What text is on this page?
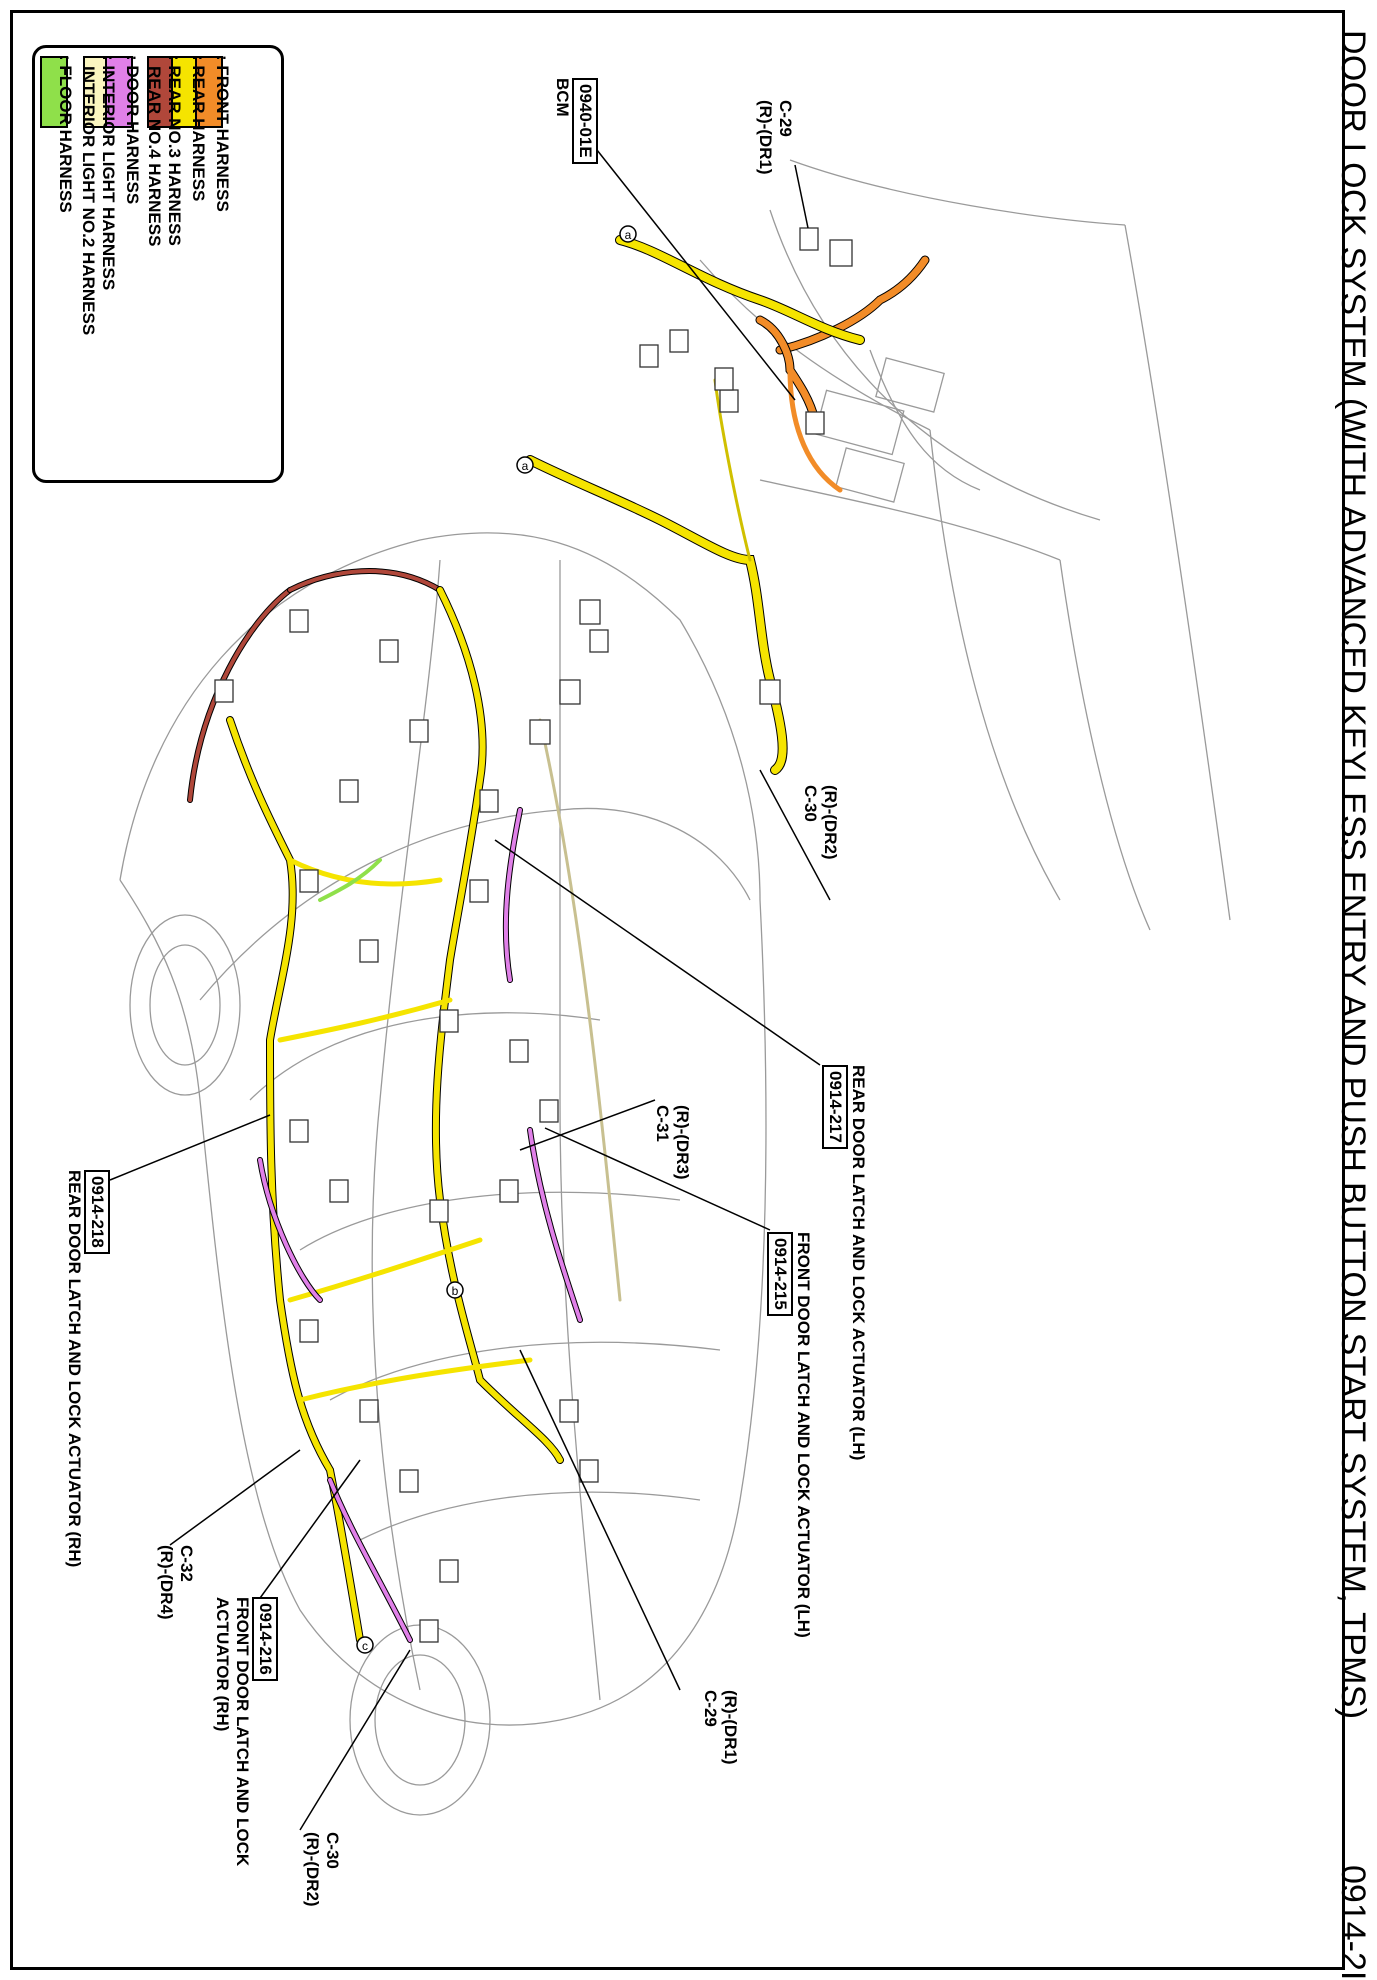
DOOR LOCK SYSTEM (WITH ADVANCED KEYLESS ENTRY AND PUSH BUTTON START SYSTEM, TPMS)
0914-2I
: FRONT HARNESS
: REAR HARNESS
: REAR NO.3 HARNESS
REAR NO.4 HARNESS
: DOOR HARNESS
: INTERIOR LIGHT HARNESS
INTERIOR LIGHT NO.2 HARNESS
: FLOOR HARNESS
a
a
b
c
C-29
(R)-(DR1)
0940-01E
BCM
(R)-(DR2)
C-30
REAR DOOR LATCH AND LOCK ACTUATOR (LH)
0914-217
(R)-(DR3)
C-31
FRONT DOOR LATCH AND LOCK ACTUATOR (LH)
0914-215
(R)-(DR1)
C-29
0914-218
REAR DOOR LATCH AND LOCK ACTUATOR (RH)	C-32
(R)-(DR4)
0914-216
FRONT DOOR LATCH AND LOCK
ACTUATOR (RH)
C-30
(R)-(DR2)
